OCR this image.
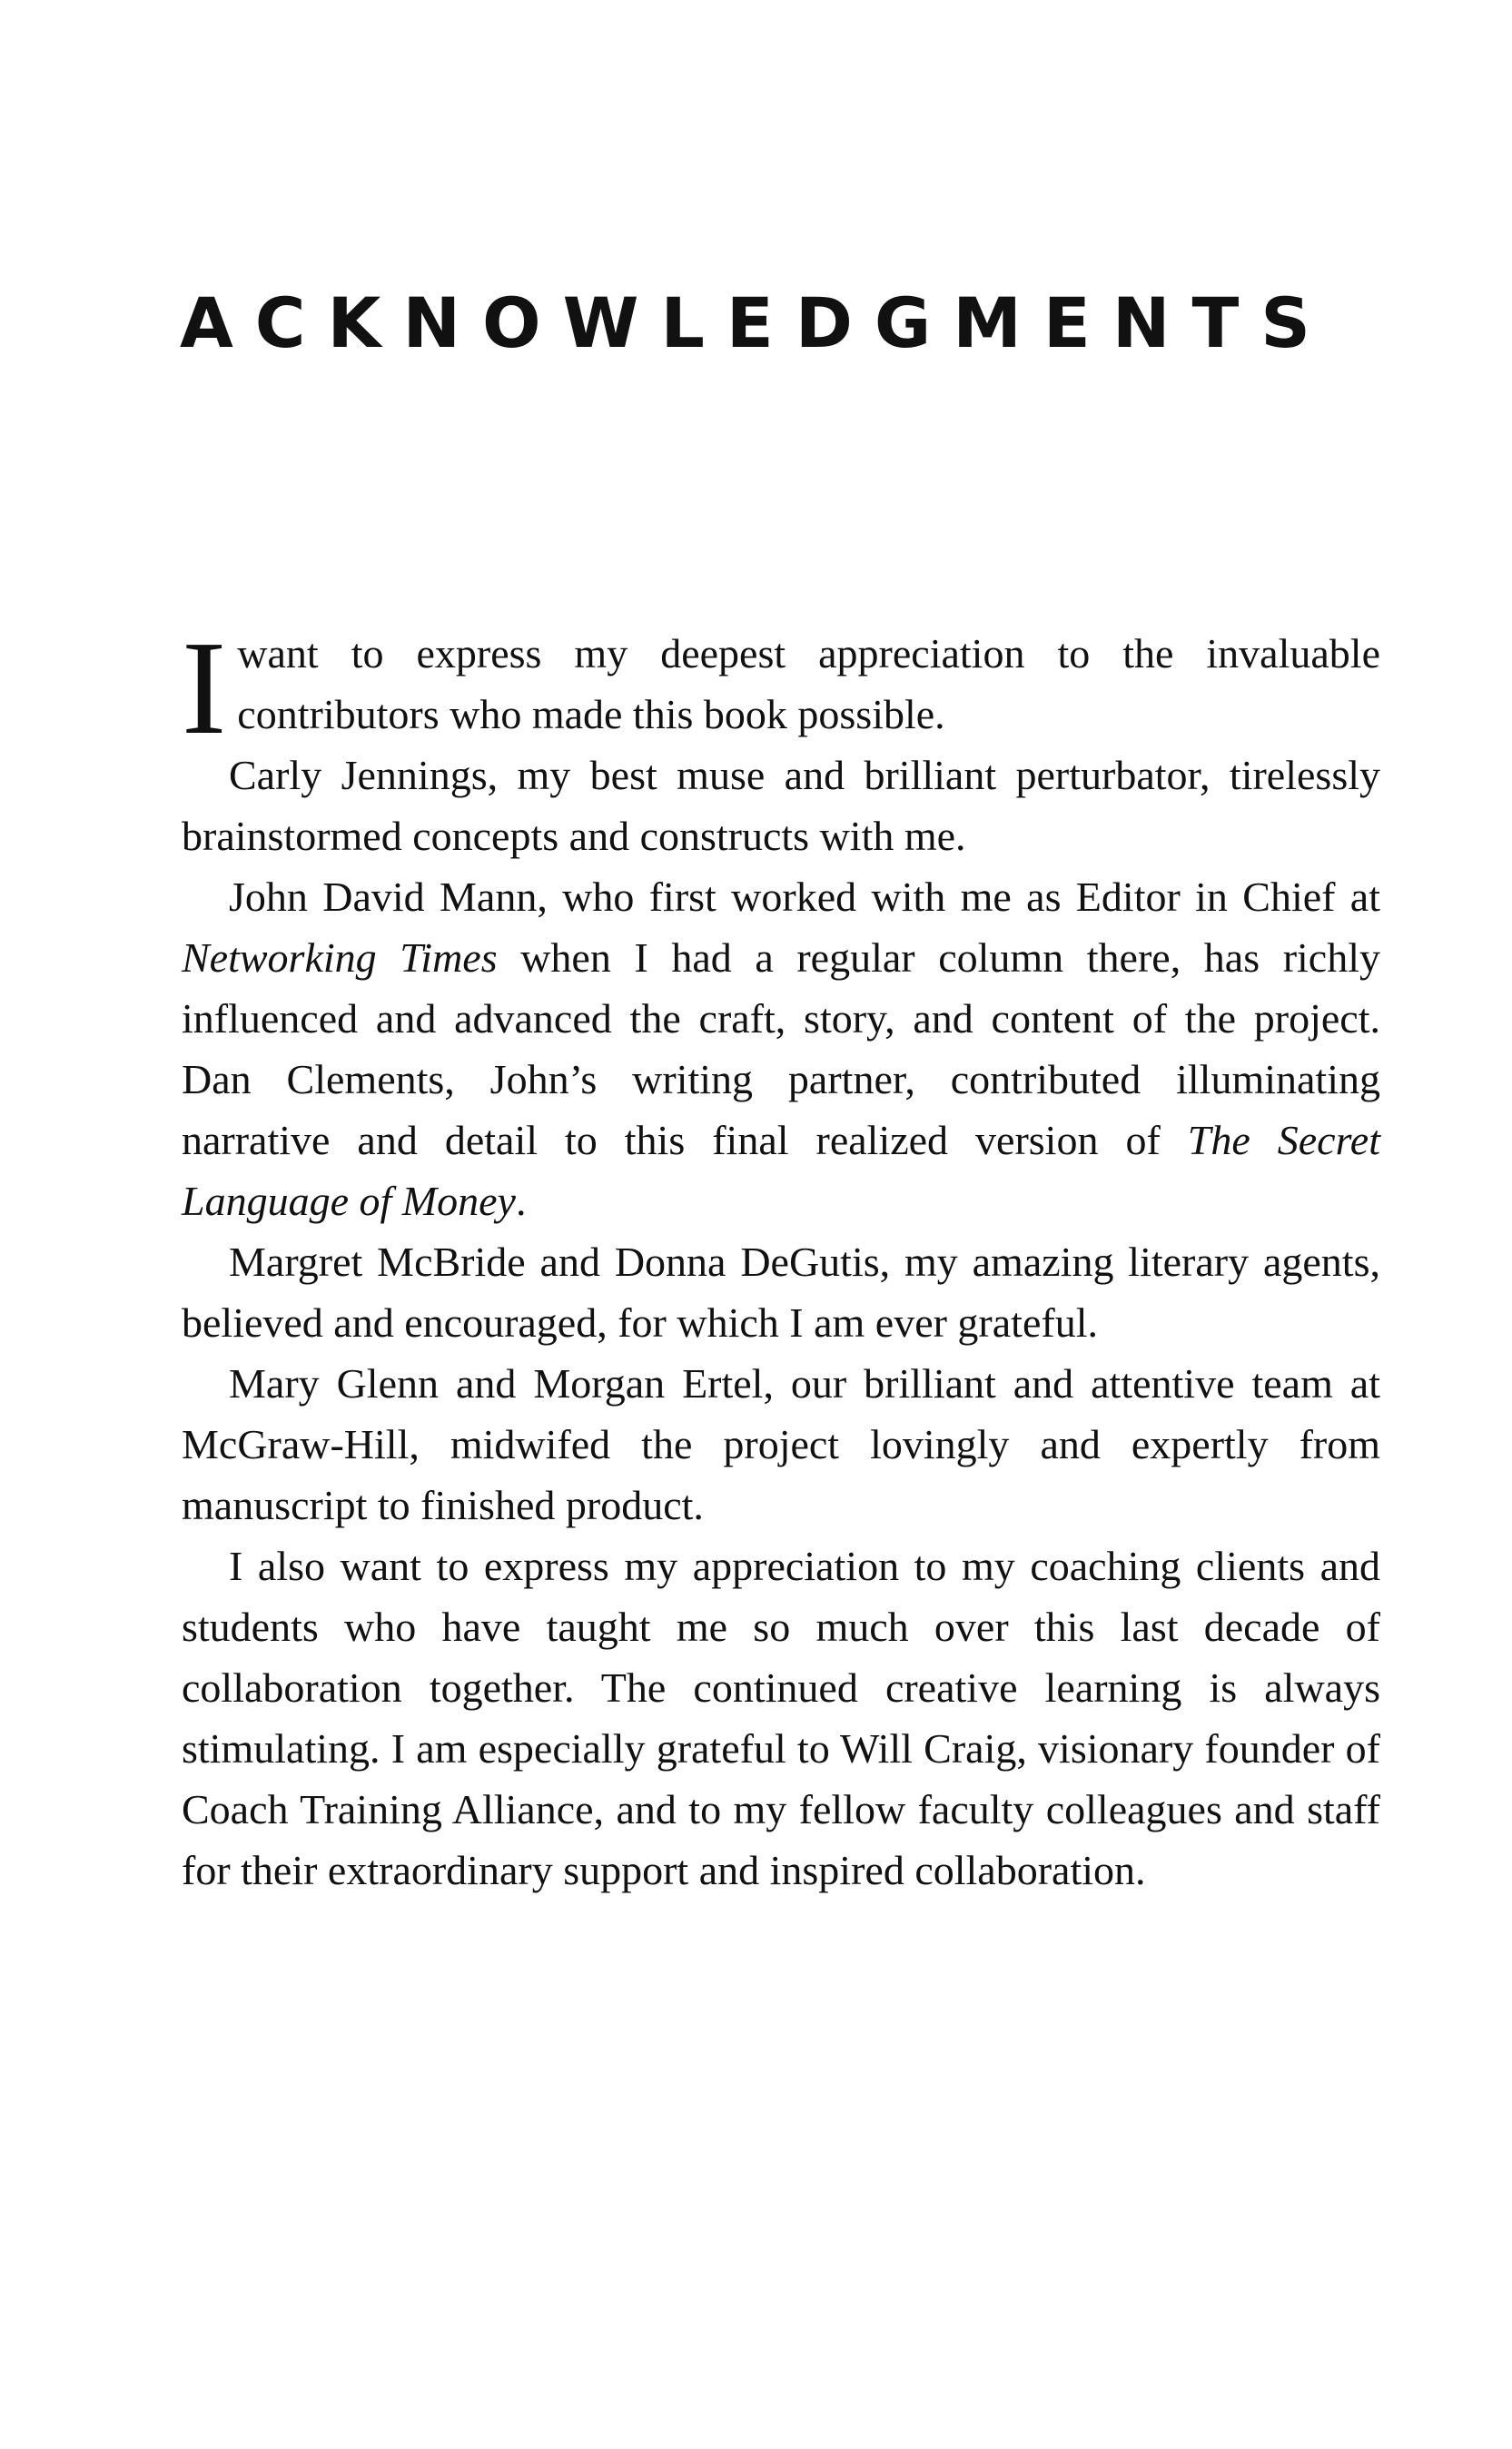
ACKNOWLEDGMENTS

I want to express my deepest appreciation to the invaluable contributors who made this book possible.

Carly Jennings, my best muse and brilliant perturbator, tirelessly brainstormed concepts and constructs with me.

John David Mann, who first worked with me as Editor in Chief at Networking Times when I had a regular column there, has richly influenced and advanced the craft, story, and content of the project. Dan Clements, John’s writing partner, contributed illuminating narrative and detail to this final realized version of The Secret Language of Money.

Margret McBride and Donna DeGutis, my amazing literary agents, believed and encouraged, for which I am ever grateful.

Mary Glenn and Morgan Ertel, our brilliant and attentive team at McGraw-Hill, midwifed the project lovingly and expertly from manuscript to finished product.

I also want to express my appreciation to my coaching clients and students who have taught me so much over this last decade of collaboration together. The continued creative learning is always stimulating. I am especially grateful to Will Craig, visionary founder of Coach Training Alliance, and to my fellow faculty colleagues and staff for their extraordinary support and inspired collaboration.
